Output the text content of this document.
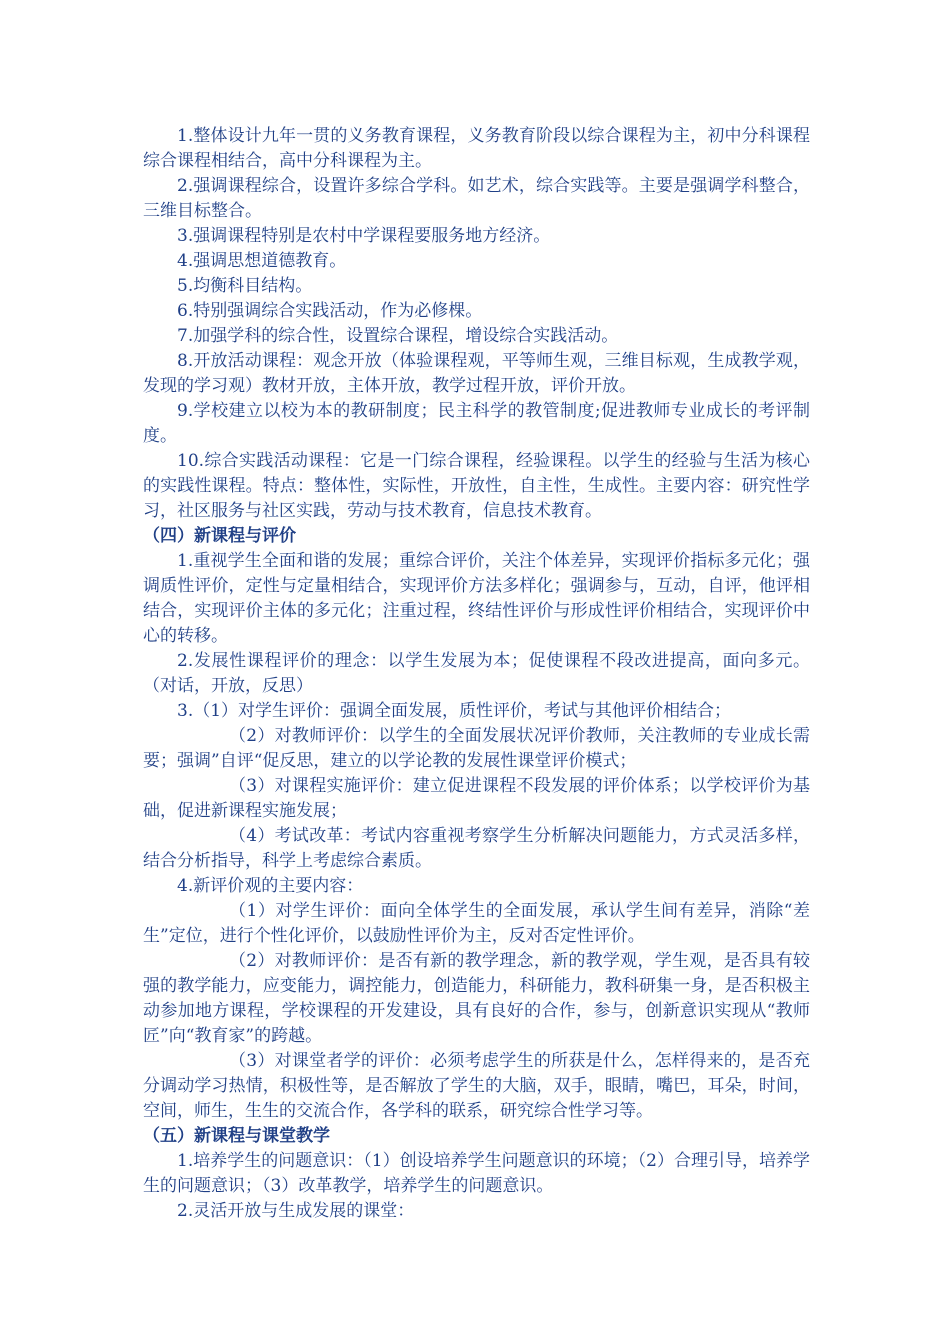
1.整体设计九年一贯的义务教育课程，义务教育阶段以综合课程为主，初中分科课程综合课程相结合，高中分科课程为主。

2.强调课程综合，设置许多综合学科。如艺术，综合实践等。主要是强调学科整合，三维目标整合。

3.强调课程特别是农村中学课程要服务地方经济。

4.强调思想道德教育。

5.均衡科目结构。

6.特别强调综合实践活动，作为必修棵。

7.加强学科的综合性，设置综合课程，增设综合实践活动。

8.开放活动课程：观念开放（体验课程观，平等师生观，三维目标观，生成教学观，发现的学习观）教材开放，主体开放，教学过程开放，评价开放。

9.学校建立以校为本的教研制度；民主科学的教管制度;促进教师专业成长的考评制度。

10.综合实践活动课程：它是一门综合课程，经验课程。以学生的经验与生活为核心的实践性课程。特点：整体性，实际性，开放性，自主性，生成性。主要内容：研究性学习，社区服务与社区实践，劳动与技术教育，信息技术教育。

（四）新课程与评价

1.重视学生全面和谐的发展；重综合评价，关注个体差异，实现评价指标多元化；强调质性评价，定性与定量相结合，实现评价方法多样化；强调参与，互动，自评，他评相结合，实现评价主体的多元化；注重过程，终结性评价与形成性评价相结合，实现评价中心的转移。

2.发展性课程评价的理念：以学生发展为本；促使课程不段改进提高，面向多元。（对话，开放，反思）

3.（1）对学生评价：强调全面发展，质性评价，考试与其他评价相结合；

（2）对教师评价：以学生的全面发展状况评价教师，关注教师的专业成长需要；强调”自评“促反思，建立的以学论教的发展性课堂评价模式；

（3）对课程实施评价：建立促进课程不段发展的评价体系；以学校评价为基础，促进新课程实施发展；

（4）考试改革：考试内容重视考察学生分析解决问题能力，方式灵活多样，结合分析指导，科学上考虑综合素质。

4.新评价观的主要内容：

（1）对学生评价：面向全体学生的全面发展，承认学生间有差异，消除“差生”定位，进行个性化评价，以鼓励性评价为主，反对否定性评价。

（2）对教师评价：是否有新的教学理念，新的教学观，学生观，是否具有较强的教学能力，应变能力，调控能力，创造能力，科研能力，教科研集一身，是否积极主动参加地方课程，学校课程的开发建设，具有良好的合作，参与，创新意识实现从“教师匠”向“教育家”的跨越。

（3）对课堂者学的评价：必须考虑学生的所获是什么，怎样得来的，是否充分调动学习热情，积极性等，是否解放了学生的大脑，双手，眼睛，嘴巴，耳朵，时间，空间，师生，生生的交流合作，各学科的联系，研究综合性学习等。

（五）新课程与课堂教学

1.培养学生的问题意识：（1）创设培养学生问题意识的环境；（2）合理引导，培养学生的问题意识；（3）改革教学，培养学生的问题意识。

2.灵活开放与生成发展的课堂：
